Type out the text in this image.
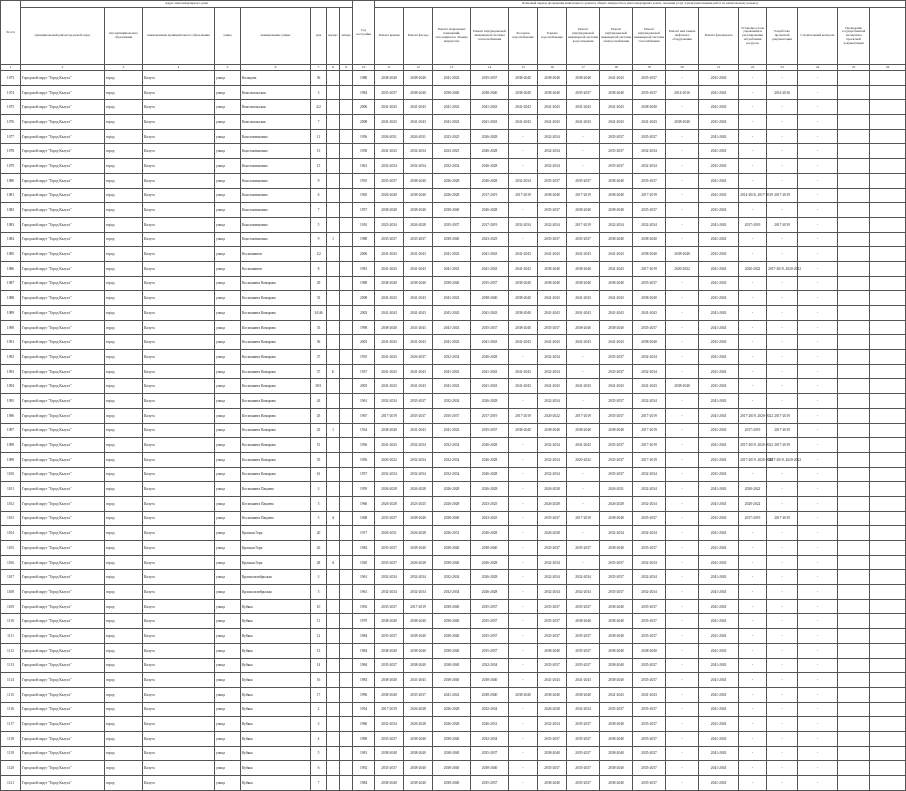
№ п/п	Адрес многоквартирного дома								Год постройки	Плановый период проведения капитального ремонта общего имущества в многоквартирных домах, оказания услуг и (или) выполнения работ по капитальному ремонту															
	муниципальный район/городской округ	тип муниципального образования	наименование муниципального образования	улица	наименование улицы	дом	корпус	литера		Ремонт крыши	Ремонт фасада	Ремонт подвальных помещений, относящихся к общему имуществу	Ремонт внутридомовой инженерной системы теплоснабжения	Холодное водоснабжение	Горячее водоснабжение	Ремонт внутридомовой инженерной системы водоотведения	Ремонт внутридомовой инженерной системы электроснабжения	Ремонт внутридомовой инженерной системы газоснабжения	Ремонт или замена лифтового оборудования	Ремонт фундамента	Установка узлов управления и регулирования потребления ресурсов	Разработка проектной документации	Строительный контроль	Проведение государственной экспертизы проектной документации	
1	2	3	4	5	6	7	8	9	10	11	12	13	14	15	16	17	18	19	20	21	22	23	24	25	26
1073	Городской округ "Город Калуга"	город	Калуга	улица	Кольцова	36			1980	2038-2040	2038-2040	2041-2043	2035-2037	2038-2040	2038-2040	2038-2040	2041-2043	2035-2037	-	2041-2043	-	-	-		
1074	Городской округ "Город Калуга"	город	Калуга	улица	Комсомольская	3			1984	2035-2037	2038-2040	2038-2040	2038-2040	2038-2040	2038-2040	2035-2037	2038-2040	2035-2037	2014-2016	2041-2043	-	2014-2016	-		
1075	Городской округ "Город Калуга"	город	Калуга	улица	Комсомольская	4/2			2006	2041-2043	2041-2043	2041-2043	2041-2043	2041-2043	2041-2043	2041-2043	2041-2043	2038-2040	-	2041-2043	-	-	-		
1076	Городской округ "Город Калуга"	город	Калуга	улица	Комсомольская	7			2008	2041-2043	2041-2043	2041-2043	2041-2043	2041-2043	2041-2043	2041-2043	2041-2043	2041-2043	2038-2040	2041-2043	-	-	-		
1077	Городской округ "Город Калуга"	город	Калуга	улица	Константиновых	11			1956	2026-2031	2026-2031	2023-2025	2026-2028	-	2032-2034	-	2035-2037	2035-2037	-	2041-2043	-	-	-		
1078	Городской округ "Город Калуга"	город	Калуга	улица	Константиновых	13			1958	2041-2043	2032-2034	2023-2025	2026-2028	-	2032-2034	-	2035-2037	2032-2034	-	2041-2043	-	-	-		
1079	Городской округ "Город Калуга"	город	Калуга	улица	Константиновых	15			1961	2032-2034	2032-2034	2032-2034	2026-2028	-	2032-2034	-	2035-2037	2032-2034	-	2041-2043	-	-	-		
1080	Городской округ "Город Калуга"	город	Калуга	улица	Константиновых	9			1955	2035-2037	2038-2040	2026-2028	2026-2028	2032-2034	2035-2037	2035-2037	2038-2040	2035-2037	-	2041-2043	-	-	-		
1081	Городской округ "Город Калуга"	город	Калуга	улица	Константиновых	6			1965	2026-2040	2038-2040	2026-2028	2017-2019	2017-2019	2038-2040	2017-2019	2038-2040	2017-2019	-	2041-2043	2014-2016, 2017-2019	2017-2019	-		
1082	Городской округ "Город Калуга"	город	Калуга	улица	Константиновых	7			1957	2038-2040	2038-2040	2038-2040	2026-2028	-	2035-2037	2038-2040	2038-2040	2035-2037	-	2041-2043	-	-	-		
1083	Городской округ "Город Калуга"	город	Калуга	улица	Константиновых	5			1910	2023-2034	2026-2028	2035-2037	2017-2019	2032-2034	2032-2034	2017-2019	2032-2034	2032-2034	-	2041-2043	2017-2019	2017-2019	-		
1084	Городской округ "Город Калуга"	город	Калуга	улица	Константиновых	9	1		1988	2035-2037	2035-2037	2038-2040	2023-2025	-	2035-2037	2035-2037	2038-2040	2038-2040	-	2041-2043	-	-	-		
1085	Городской округ "Город Калуга"	город	Калуга	улица	Космонавтов	1/2			2006	2041-2043	2041-2043	2041-2043	2041-2043	2041-2043	2041-2043	2041-2043	2041-2043	2038-2040	2038-2040	2041-2043	-	-	-		
1086	Городской округ "Город Калуга"	город	Калуга	улица	Космонавтов	8			1981	2041-2043	2041-2043	2041-2043	2041-2043	2041-2043	2038-2040	2038-2040	2041-2043	2017-2019	2020-2022	2041-2043	2020-2022	2017-2019, 2020-2022	-		
1087	Городской округ "Город Калуга"	город	Калуга	улица	Космонавта Комарова	29			1988	2038-2040	2038-2040	2038-2040	2035-2037	2038-2040	2038-2040	2038-2040	2038-2040	2035-2037	-	2041-2043	-	-	-		
1088	Городской округ "Город Калуга"	город	Калуга	улица	Космонавта Комарова	33			2008	2041-2043	2041-2043	2041-2043	2038-2040	2038-2040	2041-2043	2041-2043	2041-2043	2038-2040	-	2041-2043	-	-	-		
1089	Городской округ "Город Калуга"	город	Калуга	улица	Космонавта Комарова	34/46			2003	2041-2043	2041-2043	2041-2043	2041-2043	2038-2040	2041-2043	2041-2043	2041-2043	2041-2043	-	2041-2043	-	-	-		
1090	Городской округ "Город Калуга"	город	Калуга	улица	Космонавта Комарова	35			1998	2038-2040	2041-2043	2041-2043	2035-2037	2038-2040	2035-2037	2038-2040	2038-2040	2035-2037	-	2041-2043	-	-	-		
1091	Городской округ "Город Калуга"	город	Калуга	улица	Космонавта Комарова	36			2003	2041-2043	2041-2043	2041-2043	2041-2043	2041-2043	2041-2043	2041-2043	2041-2043	2038-2040	-	2041-2043	-	-	-		
1092	Городской округ "Город Калуга"	город	Калуга	улица	Космонавта Комарова	37			1955	2041-2043	2026-2037	2032-2034	2026-2028	-	2032-2034	-	2035-2037	2032-2034	-	2041-2043	-	-	-		
1093	Городской округ "Город Калуга"	город	Калуга	улица	Космонавта Комарова	37	Б		1937	2041-2043	2041-2043	2041-2043	2041-2043	2041-2043	2032-2034	-	2035-2037	2032-2034	-	2041-2043	-	-	-		
1094	Городской округ "Город Калуга"	город	Калуга	улица	Космонавта Комарова	38/1			2003	2041-2043	2041-2043	2041-2043	2041-2043	2041-2043	2041-2043	2041-2043	2041-2043	2041-2043	2038-2040	2041-2043	-	-	-		
1095	Городской округ "Город Калуга"	город	Калуга	улица	Космонавта Комарова	43			1961	2032-2034	2035-2037	2032-2034	2026-2028	-	2032-2034	-	2035-2037	2032-2034	-	2041-2043	-	-	-		
1096	Городской округ "Город Калуга"	город	Калуга	улица	Космонавта Комарова	45			1967	2017-2019	2035-2037	2035-2037	2017-2019	2017-2019	2020-2022	2017-2019	2035-2037	2017-2019	-	2041-2043	2017-2019, 2020-2022	2017-2019	-		
1097	Городской округ "Город Калуга"	город	Калуга	улица	Космонавта Комарова	45	1		1934	2038-2040	2041-2043	2041-2043	2035-2037	2038-2040	2038-2040	2038-2040	2038-2040	2017-2019	-	2041-2043	2017-2019	2017-2019	-		
1098	Городской округ "Город Калуга"	город	Калуга	улица	Космонавта Комарова	51			1956	2041-2043	2032-2034	2032-2034	2026-2028	-	2032-2034	2041-2043	2035-2037	2017-2019	-	2041-2043	2017-2019, 2020-2022	2017-2019	-		
1099	Городской округ "Город Калуга"	город	Калуга	улица	Космонавта Комарова	55			1956	2020-2022	2032-2034	2032-2034	2026-2028	-	2032-2034	2020-2022	2035-2037	2017-2019	-	2041-2043	2017-2019, 2020-2022	2017-2019, 2020-2022	-		
1100	Городской округ "Город Калуга"	город	Калуга	улица	Космонавта Комарова	61			1957	2032-2034	2032-2034	2032-2034	2026-2028	-	2032-2034	-	2035-2037	2032-2034	-	2041-2043	-	-	-		
1101	Городской округ "Город Калуга"	город	Калуга	улица	Космонавта Пацаева	3			1959	2026-2028	2026-2028	2026-2028	2026-2028	-	2026-2028	-	2026-2031	2032-2034	-	2041-2043	2020-2022	-	-		
1102	Городской округ "Город Калуга"	город	Калуга	улица	Космонавта Пацаева	5			1966	2026-2028	2023-2025	2026-2028	2023-2025	-	2026-2028	-	2026-2028	2032-2034	-	2041-2043	2020-2022	-	-		
1103	Городской округ "Город Калуга"	город	Калуга	улица	Космонавта Пацаева	5	А		1968	2035-2037	2038-2040	2038-2040	2023-2025	-	2035-2037	2017-2019	2038-2040	2035-2037	-	2041-2043	2017-2019	2017-2019	-		
1104	Городской округ "Город Калуга"	город	Калуга	улица	Красная Гора	20			1917	2026-2031	2026-2028	2026-2031	2026-2028	-	2026-2028	-	2032-2034	2032-2034	-	2041-2043	-	-	-		
1105	Городской округ "Город Калуга"	город	Калуга	улица	Красная Гора	26			1982	2035-2037	2038-2040	2038-2040	2038-2040	-	2035-2037	2035-2037	2038-2040	2035-2037	-	2041-2043	-	-	-		
1106	Городской округ "Город Калуга"	город	Калуга	улица	Красная Гора	28	А		1920	2035-2037	2026-2028	2038-2040	2026-2028	-	2032-2034	-	2035-2037	2032-2034	-	2041-2043	-	-	-		
1107	Городской округ "Город Калуга"	город	Калуга	улица	Краснооктябрьская	3			1961	2032-2034	2032-2034	2032-2034	2026-2028	-	2032-2034	2032-2034	2035-2037	2032-2034	-	2041-2043	-	-	-		
1108	Городской округ "Город Калуга"	город	Калуга	улица	Краснооктябрьская	5			1961	2032-2034	2032-2034	2032-2034	2026-2028	-	2032-2034	2032-2034	2035-2037	2032-2034	-	2041-2043	-	-	-		
1109	Городской округ "Город Калуга"	город	Калуга	улица	Кубяка	10			1992	2035-2037	2017-2019	2038-2040	2035-2037	-	2035-2037	2035-2037	2038-2040	2035-2037	-	2041-2043	-	-	-		
1110	Городской округ "Город Калуга"	город	Калуга	улица	Кубяка	11			1979	2038-2040	2038-2040	2038-2040	2035-2037	-	2035-2037	2038-2040	2038-2040	2035-2037	-	2041-2043	-	-	-		
1111	Городской округ "Город Калуга"	город	Калуга	улица	Кубяка	12			1984	2035-2037	2038-2040	2038-2040	2035-2037	-	2035-2037	2035-2037	2038-2040	2035-2037	-	2041-2043	-	-	-		
1112	Городской округ "Город Калуга"	город	Калуга	улица	Кубяка	13			1984	2038-2040	2038-2040	2038-2040	2035-2037	-	2038-2040	2035-2037	2038-2040	2038-2040	-	2041-2043	-	-	-		
1113	Городской округ "Город Калуга"	город	Калуга	улица	Кубяка	14			1984	2035-2037	2038-2040	2038-2040	2032-2034	-	2035-2037	2035-2037	2038-2040	2035-2037	-	2041-2043	-	-	-		
1114	Городской округ "Город Калуга"	город	Калуга	улица	Кубяка	16			1983	2038-2040	2041-2043	2038-2040	2038-2040	-	2041-2043	2041-2043	2038-2040	2035-2037	-	2041-2043	-	-	-		
1115	Городской округ "Город Калуга"	город	Калуга	улица	Кубяка	17			1996	2038-2040	2035-2037	2041-2043	2038-2040	2038-2040	2038-2040	2038-2040	2041-2043	2041-2043	-	2041-2043	-	-	-		
1116	Городской округ "Город Калуга"	город	Калуга	улица	Кубяка	2			1954	2017-2019	2026-2028	2026-2028	2032-2034	-	2026-2028	2032-2034	2035-2037	2035-2037	-	2041-2043	-	-	-		
1117	Городской округ "Город Калуга"	город	Калуга	улица	Кубяка	3			1960	2032-2034	2026-2028	2026-2028	2026-2031	-	2032-2034	2035-2037	2038-2040	2035-2037	-	2041-2043	-	-	-		
1118	Городской округ "Город Калуга"	город	Калуга	улица	Кубяка	4			1990	2035-2037	2038-2040	2038-2040	2032-2034	-	2035-2037	2035-2037	2038-2040	2035-2037	-	2041-2043	-	-	-		
1119	Городской округ "Город Калуга"	город	Калуга	улица	Кубяка	5			1981	2038-2040	2038-2040	2038-2040	2035-2037	-	2038-2040	2035-2037	2038-2040	2035-2037	-	2041-2043	-	-	-		
1120	Городской округ "Город Калуга"	город	Калуга	улица	Кубяка	6			1992	2035-2037	2038-2040	2038-2040	2038-2040	-	2035-2037	2035-2037	2038-2040	2035-2037	-	2041-2043	-	-	-		
1121	Городской округ "Город Калуга"	город	Калуга	улица	Кубяка	7			1984	2038-2040	2038-2040	2038-2040	2035-2037	-	2038-2040	2035-2037	2038-2040	2035-2037	-	2041-2043	-	-	-		
